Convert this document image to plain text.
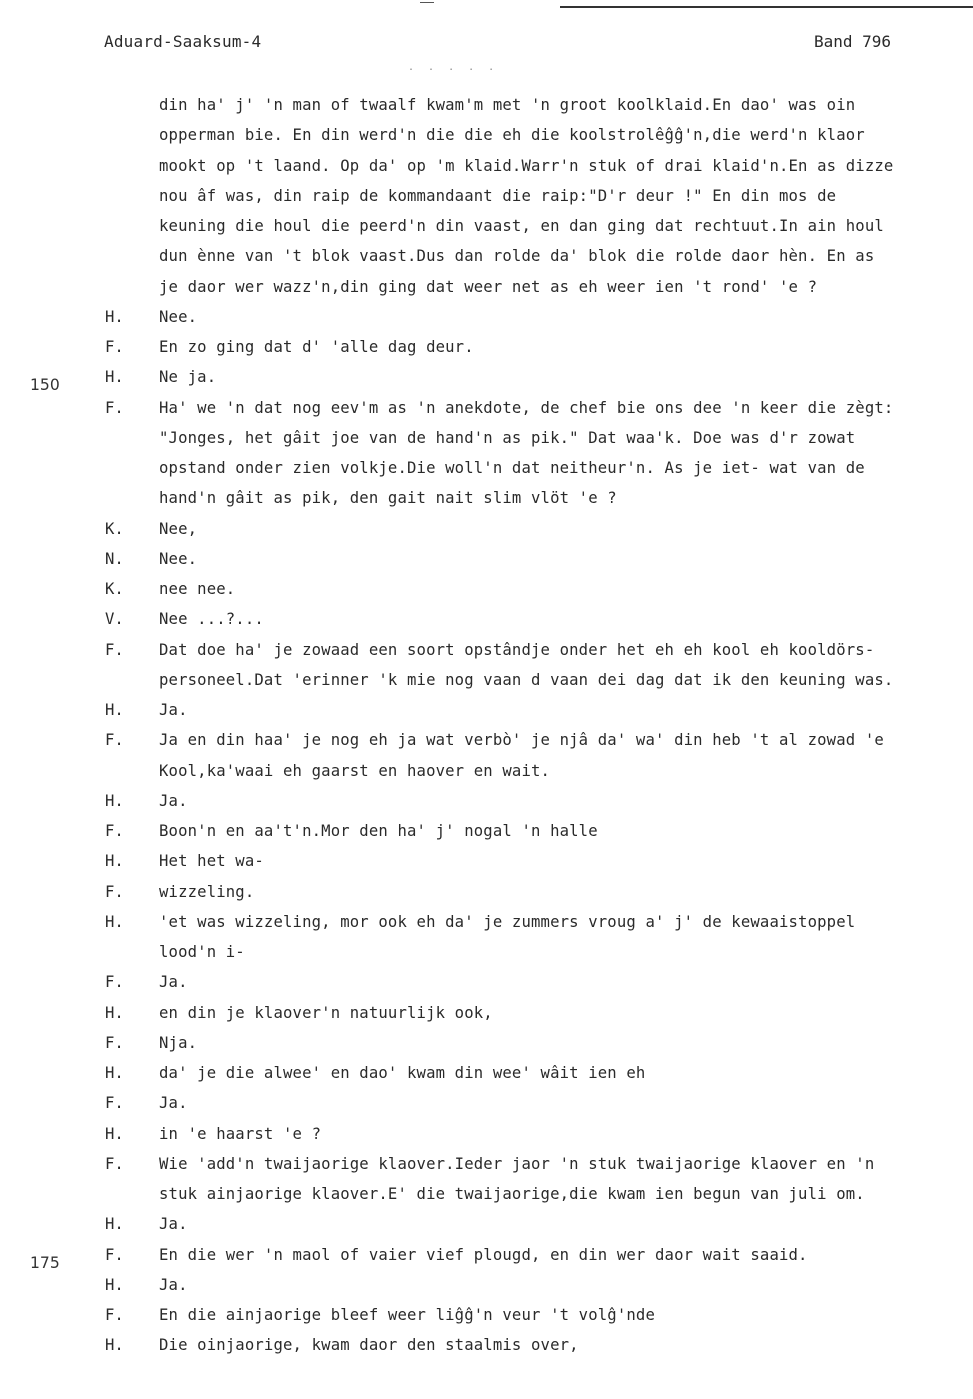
Aduard-Saaksum-4	Band 796
. . . . .
din ha' j' 'n man of twaalf kwam'm met 'n groot koolklaid.En dao' was oin
opperman bie. En din werd'n die die eh die koolstrolêĝĝ'n,die werd'n klaor
mookt op 't laand. Op da' op 'm klaid.Warr'n stuk of drai klaid'n.En as dizze
nou âf was, din raip de kommandaant die raip:"D'r deur !" En din mos de
keuning die houl die peerd'n din vaast, en dan ging dat rechtuut.In ain houl
dun ènne van 't blok vaast.Dus dan rolde da' blok die rolde daor hèn. En as
je daor wer wazz'n,din ging dat weer net as eh weer ien 't rond' 'e ?
H.	Nee.
F.	En zo ging dat d' 'alle dag deur.
H.	Ne ja.
F.	Ha' we 'n dat nog eev'm as 'n anekdote, de chef bie ons dee 'n keer die zègt:
"Jonges, het gâit joe van de hand'n as pik." Dat waa'k. Doe was d'r zowat
opstand onder zien volkje.Die woll'n dat neitheur'n. As je iet- wat van de
hand'n gâit as pik, den gait nait slim vlöt 'e ?
K.	Nee,
N.	Nee.
K.	nee nee.
V.	Nee ...?...
F.	Dat doe ha' je zowaad een soort opstândje onder het eh eh kool eh kooldörs-
personeel.Dat 'erinner 'k mie nog vaan d vaan dei dag dat ik den keuning was.
H.	Ja.
F.	Ja en din haa' je nog eh ja wat verbò' je njâ da' wa' din heb 't al zowad 'e
Kool,ka'waai eh gaarst en haover en wait.
H.	Ja.
F.	Boon'n en aa't'n.Mor den ha' j' nogal 'n halle
H.	Het het wa-
F.	wizzeling.
H.	'et was wizzeling, mor ook eh da' je zummers vroug a' j' de kewaaistoppel
lood'n i-
F.	Ja.
H.	en din je klaover'n natuurlijk ook,
F.	Nja.
H.	da' je die alwee' en dao' kwam din wee' wâit ien eh
F.	Ja.
H.	in 'e haarst 'e ?
F.	Wie 'add'n twaijaorige klaover.Ieder jaor 'n stuk twaijaorige klaover en 'n
stuk ainjaorige klaover.E' die twaijaorige,die kwam ien begun van juli om.
H.	Ja.
F.	En die wer 'n maol of vaier vief plougd, en din wer daor wait saaid.
H.	Ja.
F.	En die ainjaorige bleef weer liĝĝ'n veur 't volĝ'nde
H.	Die oinjaorige, kwam daor den staalmis over,
150
175
